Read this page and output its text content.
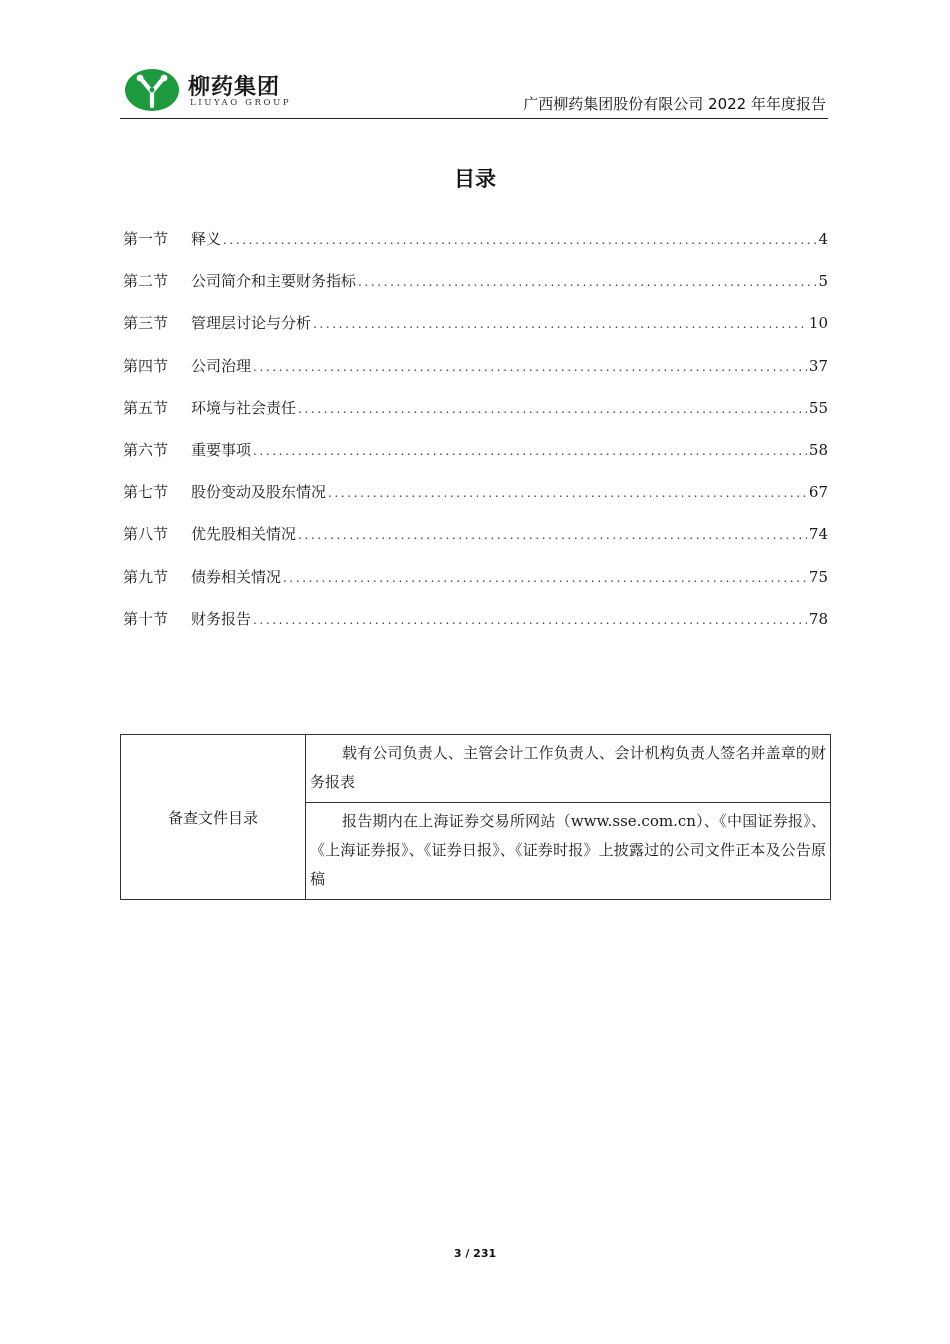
柳药集团
LIUYAO GROUP	广西柳药集团股份有限公司 2022 年年度报告
目录
第一节	释义 .....	4
第二节	公司简介和主要财务指标 .....	5
第三节	管理层讨论与分析 .....	10
第四节	公司治理 .....	37
第五节	环境与社会责任 .....	55
第六节	重要事项 .....	58
第七节	股份变动及股东情况 .....	67
第八节	优先股相关情况 .....	74
第九节	债券相关情况 .....	75
第十节	财务报告 .....	78
备查文件目录	载有公司负责人、主管会计工作负责人、会计机构负责人签名并盖章的财务报表
报告期内在上海证券交易所网站（www.sse.com.cn）、《中国证券报》、《上海证券报》、《证券日报》、《证券时报》上披露过的公司文件正本及公告原稿
3 / 231
